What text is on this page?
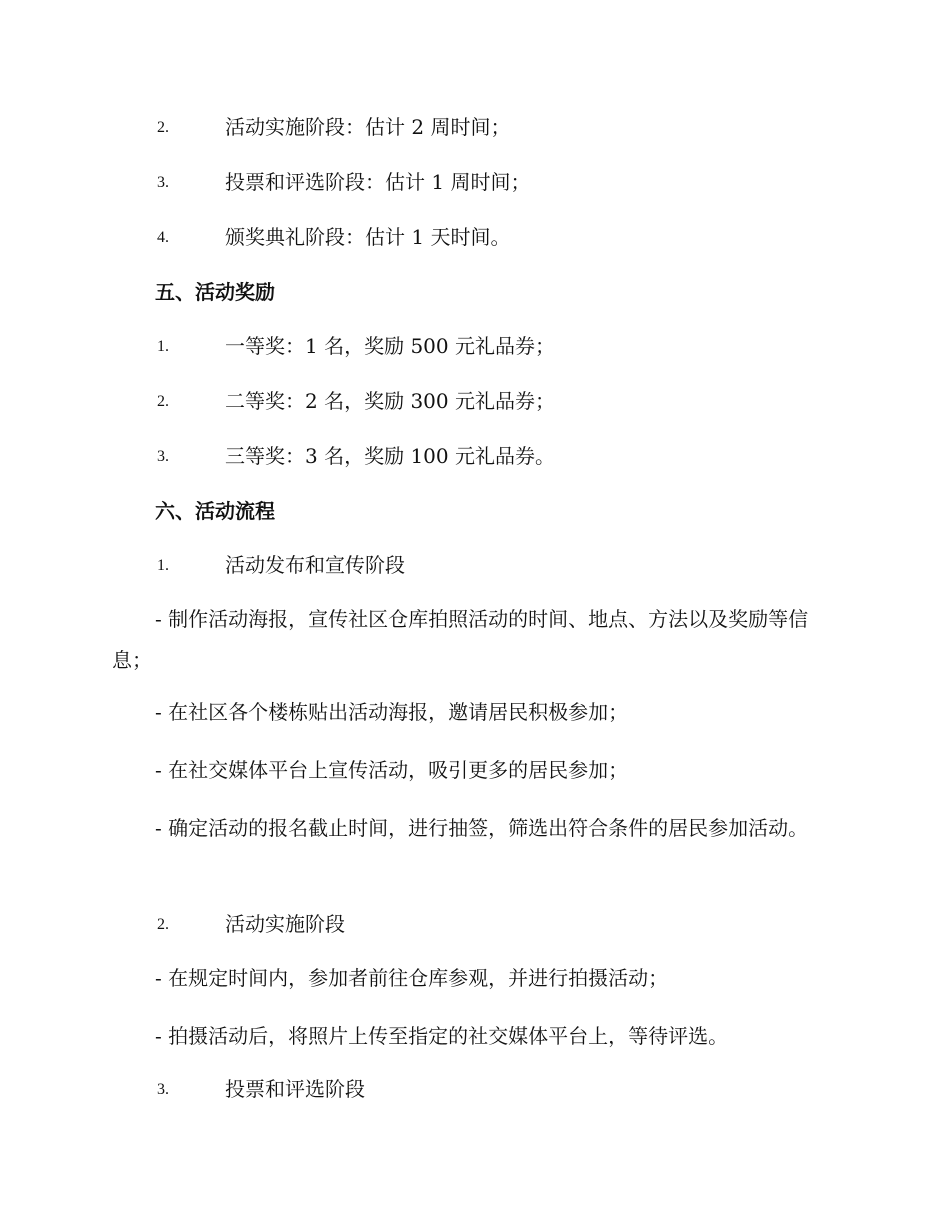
2.	活动实施阶段：估计 2 周时间；
3.	投票和评选阶段：估计 1 周时间；
4.	颁奖典礼阶段：估计 1 天时间。
五、活动奖励
1.	一等奖：1 名，奖励 500 元礼品券；
2.	二等奖：2 名，奖励 300 元礼品券；
3.	三等奖：3 名，奖励 100 元礼品券。
六、活动流程
1.	活动发布和宣传阶段
- 制作活动海报，宣传社区仓库拍照活动的时间、地点、方法以及奖励等信息；
- 在社区各个楼栋贴出活动海报，邀请居民积极参加；
- 在社交媒体平台上宣传活动，吸引更多的居民参加；
- 确定活动的报名截止时间，进行抽签，筛选出符合条件的居民参加活动。
2.	活动实施阶段
- 在规定时间内，参加者前往仓库参观，并进行拍摄活动；
- 拍摄活动后，将照片上传至指定的社交媒体平台上，等待评选。
3.	投票和评选阶段
